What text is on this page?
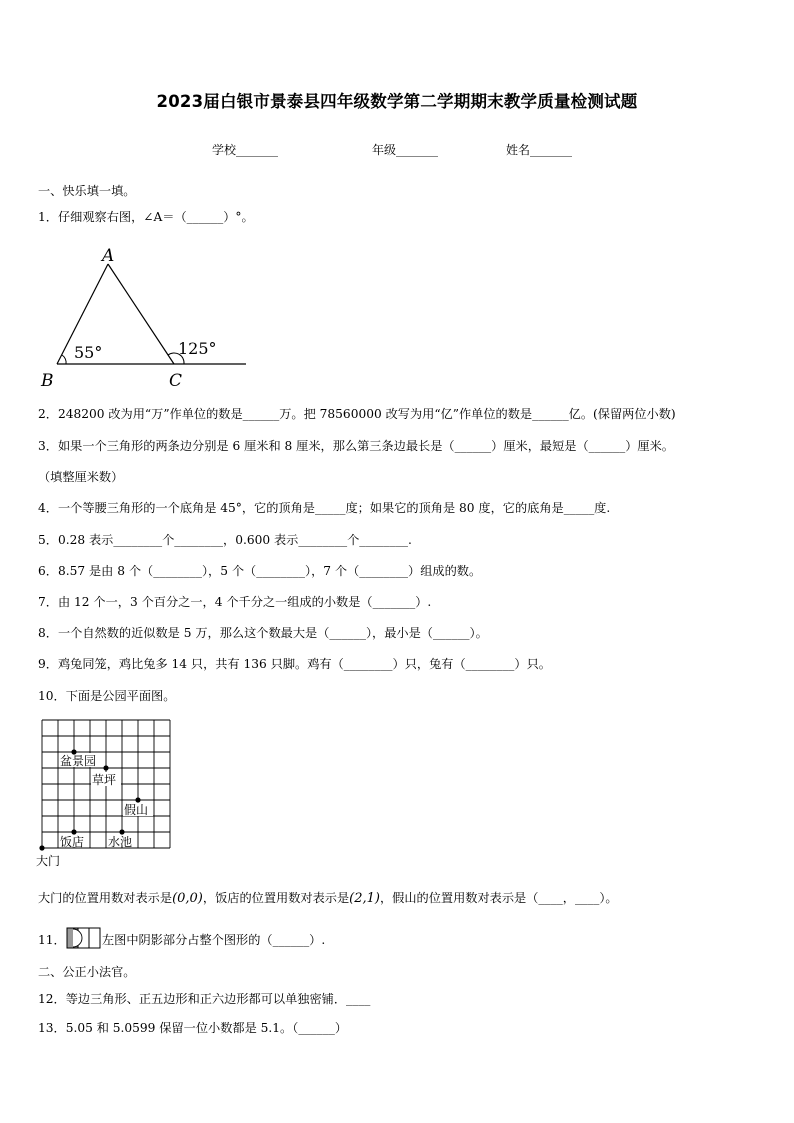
2023届白银市景泰县四年级数学第二学期期末教学质量检测试题
学校_______	年级_______	姓名_______
一、快乐填一填。
1．仔细观察右图，∠A＝（______）°。
A
B	C
55°	125°
2．248200 改为用“万”作单位的数是______万。把 78560000 改写为用“亿”作单位的数是______亿。(保留两位小数)
3．如果一个三角形的两条边分别是 6 厘米和 8 厘米，那么第三条边最长是（______）厘米，最短是（______）厘米。
（填整厘米数）
4．一个等腰三角形的一个底角是 45°，它的顶角是_____度；如果它的顶角是 80 度，它的底角是_____度.
5．0.28 表示________个________，0.600 表示________个________.
6．8.57 是由 8 个（________），5 个（________），7 个（________）组成的数。
7．由 12 个一，3 个百分之一，4 个千分之一组成的小数是（_______）.
8．一个自然数的近似数是 5 万，那么这个数最大是（______），最小是（______）。
9．鸡兔同笼，鸡比兔多 14 只，共有 136 只脚。鸡有（________）只，兔有（________）只。
10．下面是公园平面图。
盆景园
草坪
假山
饭店 水池
大门
大门的位置用数对表示是(0,0)，饭店的位置用数对表示是(2,1)，假山的位置用数对表示是（____，____）。
11．	左图中阴影部分占整个图形的（______）.
二、公正小法官。
12．等边三角形、正五边形和正六边形都可以单独密铺．____
13．5.05 和 5.0599 保留一位小数都是 5.1。（______）
